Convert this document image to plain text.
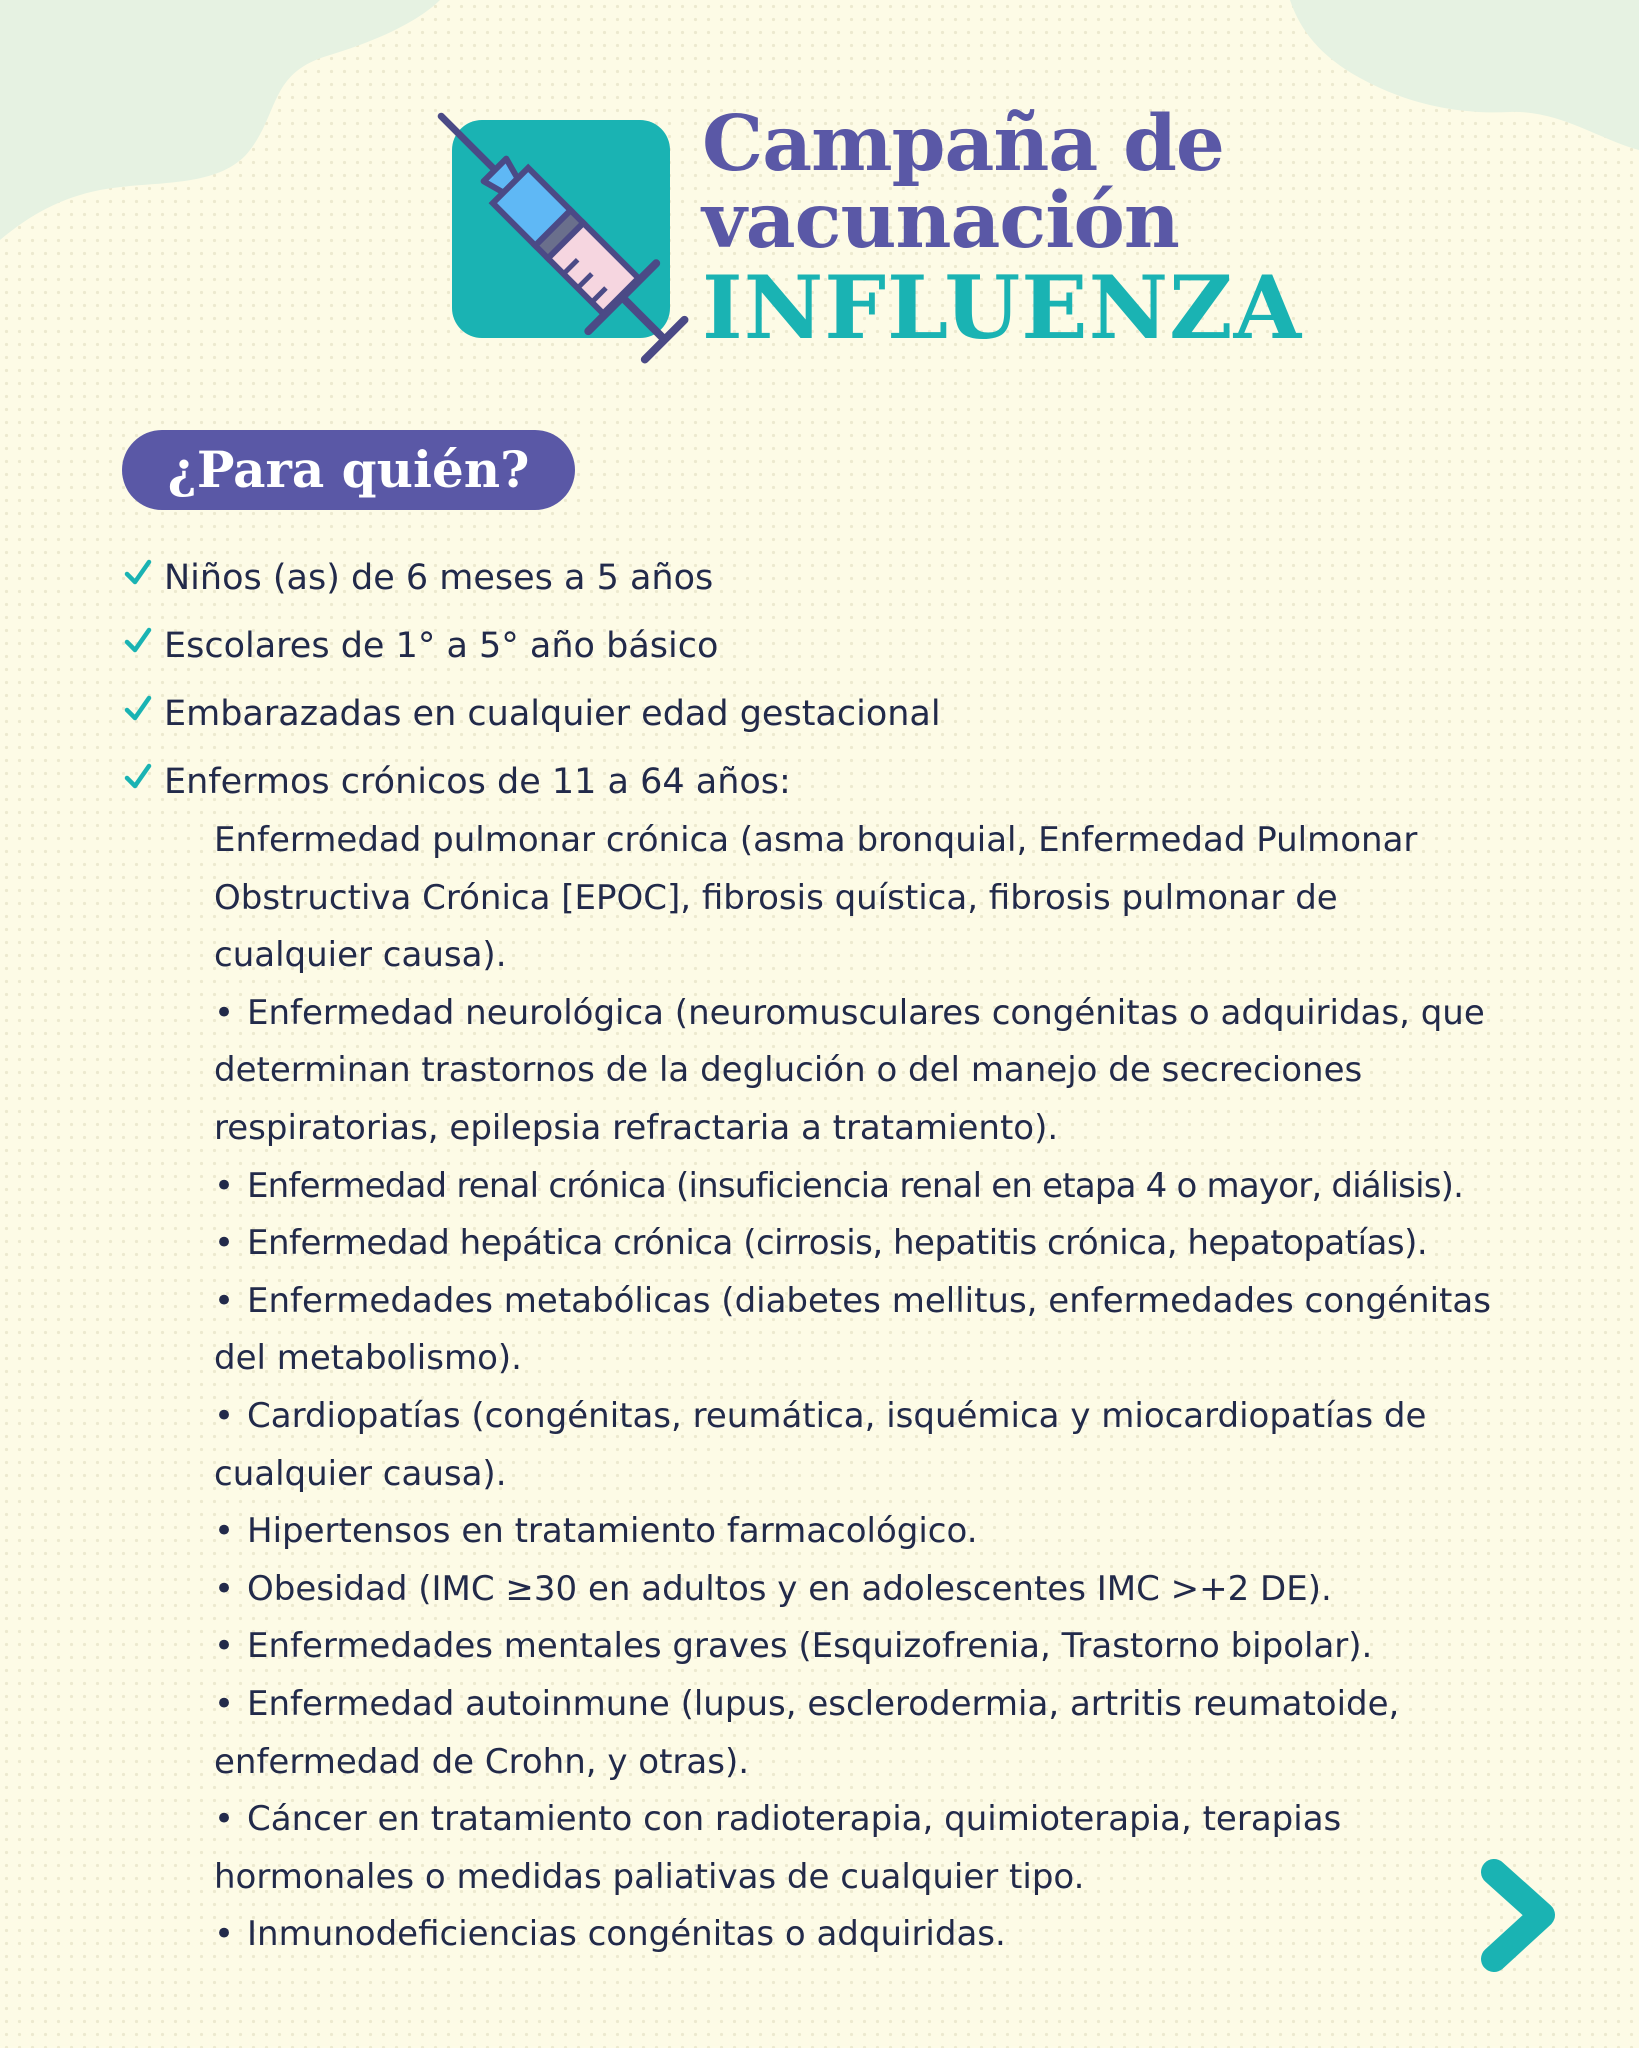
Campaña de
vacunación
INFLUENZA
¿Para quién?
Niños (as) de 6 meses a 5 años
Escolares de 1° a 5° año básico
Embarazadas en cualquier edad gestacional
Enfermos crónicos de 11 a 64 años:
Enfermedad pulmonar crónica (asma bronquial, Enfermedad Pulmonar Obstructiva Crónica [EPOC], fibrosis quística, fibrosis pulmonar de cualquier causa).
• Enfermedad neurológica (neuromusculares congénitas o adquiridas, que determinan trastornos de la deglución o del manejo de secreciones respiratorias, epilepsia refractaria a tratamiento).
• Enfermedad renal crónica (insuficiencia renal en etapa 4 o mayor, diálisis).
• Enfermedad hepática crónica (cirrosis, hepatitis crónica, hepatopatías).
• Enfermedades metabólicas (diabetes mellitus, enfermedades congénitas del metabolismo).
• Cardiopatías (congénitas, reumática, isquémica y miocardiopatías de cualquier causa).
• Hipertensos en tratamiento farmacológico.
• Obesidad (IMC ≥30 en adultos y en adolescentes IMC >+2 DE).
• Enfermedades mentales graves (Esquizofrenia, Trastorno bipolar).
• Enfermedad autoinmune (lupus, esclerodermia, artritis reumatoide, enfermedad de Crohn, y otras).
• Cáncer en tratamiento con radioterapia, quimioterapia, terapias hormonales o medidas paliativas de cualquier tipo.
• Inmunodeficiencias congénitas o adquiridas.
